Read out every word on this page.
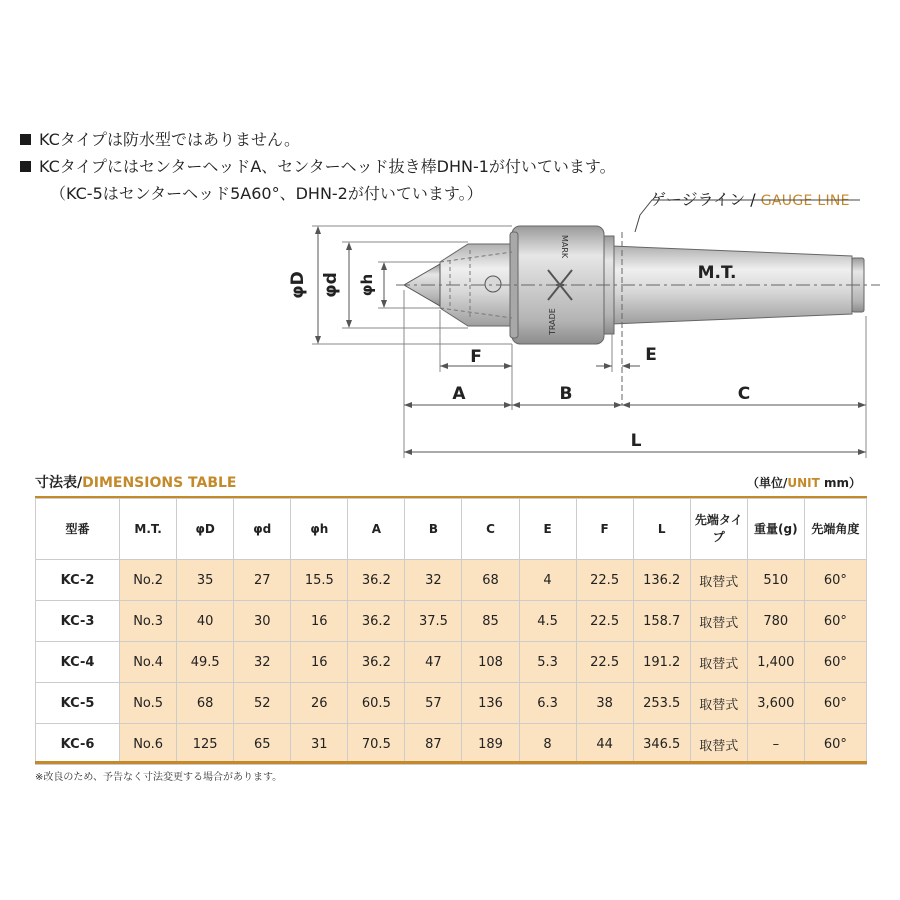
KCタイプは防水型ではありません。
KCタイプにはセンターヘッドA、センターヘッド抜き棒DHN-1が付いています。
（KC-5はセンターヘッド5A60°、DHN-2が付いています。）	ゲージライン / GAUGE LINE
MARK
TRADE
M.T.
φD φd φh
F	E
A	B	C
L
寸法表/DIMENSIONS TABLE	（単位/UNIT mm）
型番	M.T.	φD	φd	φh	A	B	C	E	F	L	先端タイプ	重量(g)	先端角度
KC-2	No.2	35	27	15.5	36.2	32	68	4	22.5	136.2	取替式	510	60°
KC-3	No.3	40	30	16	36.2	37.5	85	4.5	22.5	158.7	取替式	780	60°
KC-4	No.4	49.5	32	16	36.2	47	108	5.3	22.5	191.2	取替式	1,400	60°
KC-5	No.5	68	52	26	60.5	57	136	6.3	38	253.5	取替式	3,600	60°
KC-6	No.6	125	65	31	70.5	87	189	8	44	346.5	取替式	–	60°
※改良のため、予告なく寸法変更する場合があります。
